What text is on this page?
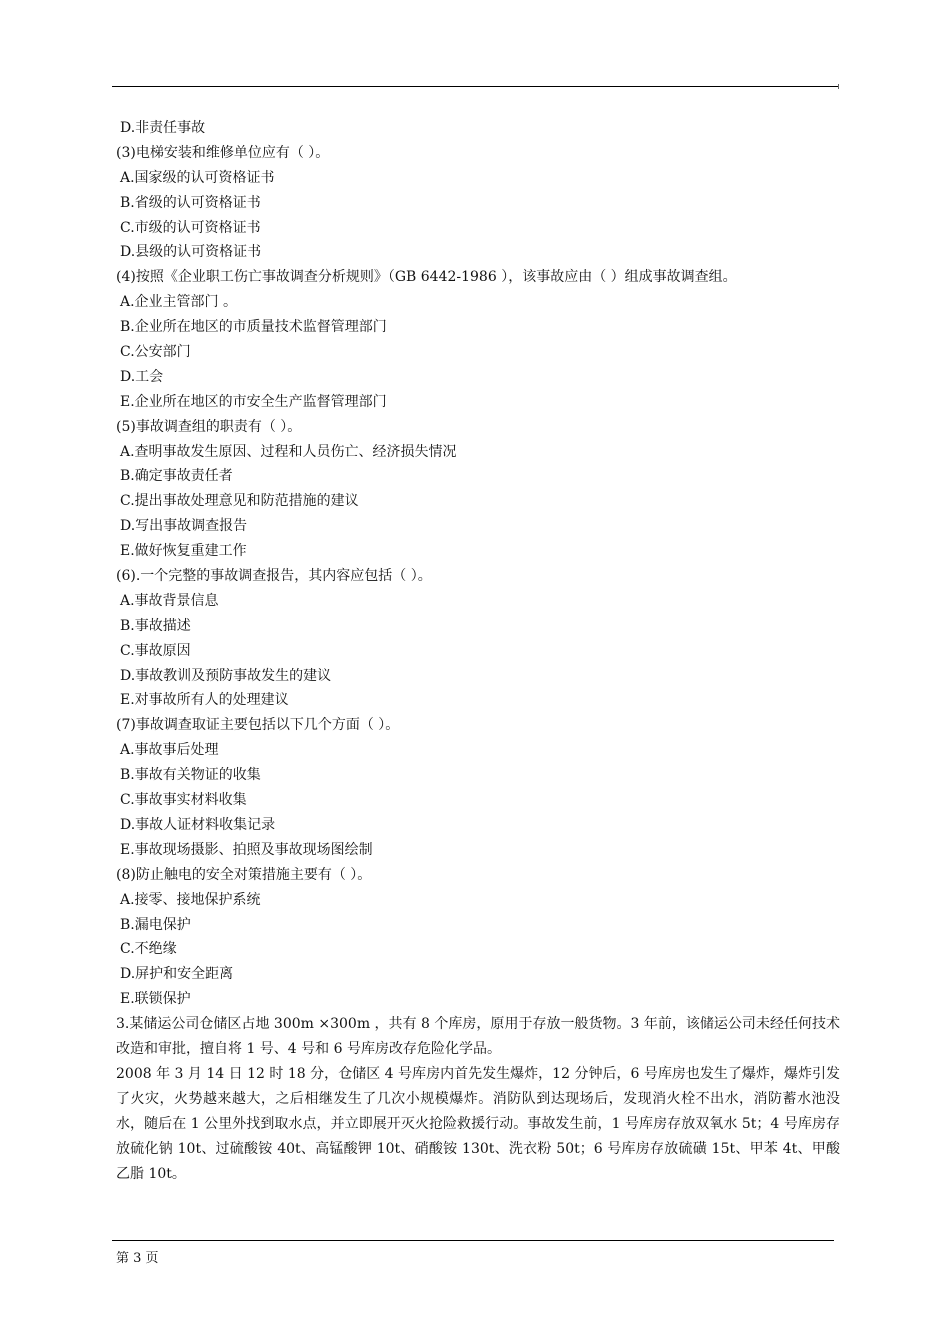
D.非责任事故
(3)电梯安装和维修单位应有（ ）。
A.国家级的认可资格证书
B.省级的认可资格证书
C.市级的认可资格证书
D.县级的认可资格证书
(4)按照《企业职工伤亡事故调查分析规则》（GB 6442-1986 ），该事故应由（ ）组成事故调查组。
A.企业主管部门 。
B.企业所在地区的市质量技术监督管理部门
C.公安部门
D.工会
E.企业所在地区的市安全生产监督管理部门
(5)事故调查组的职责有（ ）。
A.查明事故发生原因、过程和人员伤亡、经济损失情况
B.确定事故责任者
C.提出事故处理意见和防范措施的建议
D.写出事故调查报告
E.做好恢复重建工作
(6).一个完整的事故调查报告，其内容应包括（ ）。
A.事故背景信息
B.事故描述
C.事故原因
D.事故教训及预防事故发生的建议
E.对事故所有人的处理建议
(7)事故调查取证主要包括以下几个方面（ ）。
A.事故事后处理
B.事故有关物证的收集
C.事故事实材料收集
D.事故人证材料收集记录
E.事故现场摄影、拍照及事故现场图绘制
(8)防止触电的安全对策措施主要有（ ）。
A.接零、接地保护系统
B.漏电保护
C.不绝缘
D.屏护和安全距离
E.联锁保护
3.某储运公司仓储区占地 300m ×300m ，共有 8 个库房，原用于存放一般货物。3 年前，该储运公司未经任何技术改造和审批，擅自将 1 号、4 号和 6 号库房改存危险化学品。
2008 年 3 月 14 日 12 时 18 分，仓储区 4 号库房内首先发生爆炸，12 分钟后，6 号库房也发生了爆炸，爆炸引发了火灾，火势越来越大，之后相继发生了几次小规模爆炸。消防队到达现场后，发现消火栓不出水，消防蓄水池没水，随后在 1 公里外找到取水点，并立即展开灭火抢险救援行动。事故发生前，1 号库房存放双氧水 5t；4 号库房存放硫化钠 10t、过硫酸铵 40t、高锰酸钾 10t、硝酸铵 130t、洗衣粉 50t；6 号库房存放硫磺 15t、甲苯 4t、甲酸乙脂 10t。
第 3 页
